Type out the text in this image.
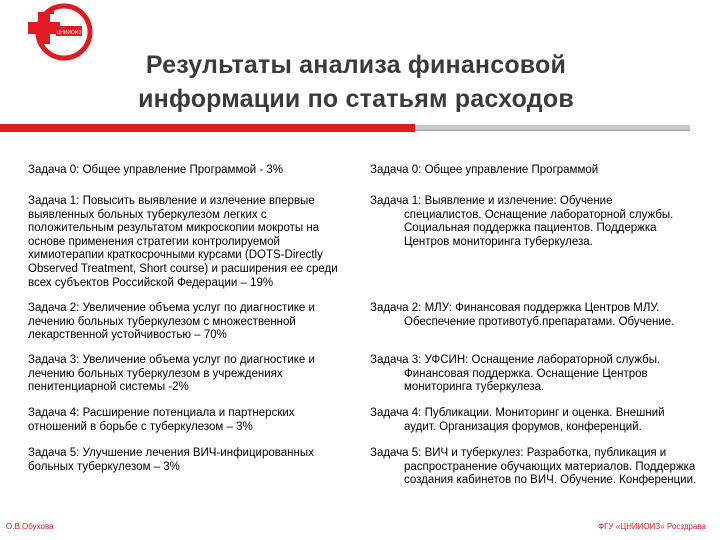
ЦНИИОИЗ
Результаты анализа финансовой
информации по статьям расходов
Задача 0: Общее управление Программой - 3%
Задача 1: Повысить выявление и излечение впервые выявленных больных туберкулезом легких с положительным результатом микроскопии мокроты на основе применения стратегии контролируемой химиотерапии краткосрочными курсами (DOTS-Directly Observed Treatment, Short course) и расширения ее среди всех субъектов Российской Федерации – 19%
Задача 2: Увеличение объема услуг по диагностике и лечению больных туберкулезом с множественной лекарственной устойчивостью – 70%
Задача 3: Увеличение объема услуг по диагностике и лечению больных туберкулезом в учреждениях пенитенциарной системы -2%
Задача 4: Расширение потенциала и партнерских отношений в борьбе с туберкулезом – 3%
Задача 5: Улучшение лечения ВИЧ-инфицированных больных туберкулезом – 3%
Задача 0: Общее управление Программой
Задача 1: Выявление и излечение: Обучение
специалистов. Оснащение лабораторной службы. Социальная поддержка пациентов. Поддержка Центров мониторинга туберкулеза.
Задача 2: МЛУ: Финансовая поддержка Центров МЛУ.
Обеспечение противотуб.препаратами. Обучение.
Задача 3: УФСИН: Оснащение лабораторной службы.
Финансовая поддержка. Оснащение Центров мониторинга туберкулеза.
Задача 4: Публикации. Мониторинг и оценка. Внешний
аудит. Организация форумов, конференций.
Задача 5: ВИЧ и туберкулез: Разработка, публикация и
распространение обучающих материалов. Поддержка создания кабинетов по ВИЧ. Обучение. Конференции.
О.В.Обухова	ФГУ «ЦНИИОИЗ» Росздрава
